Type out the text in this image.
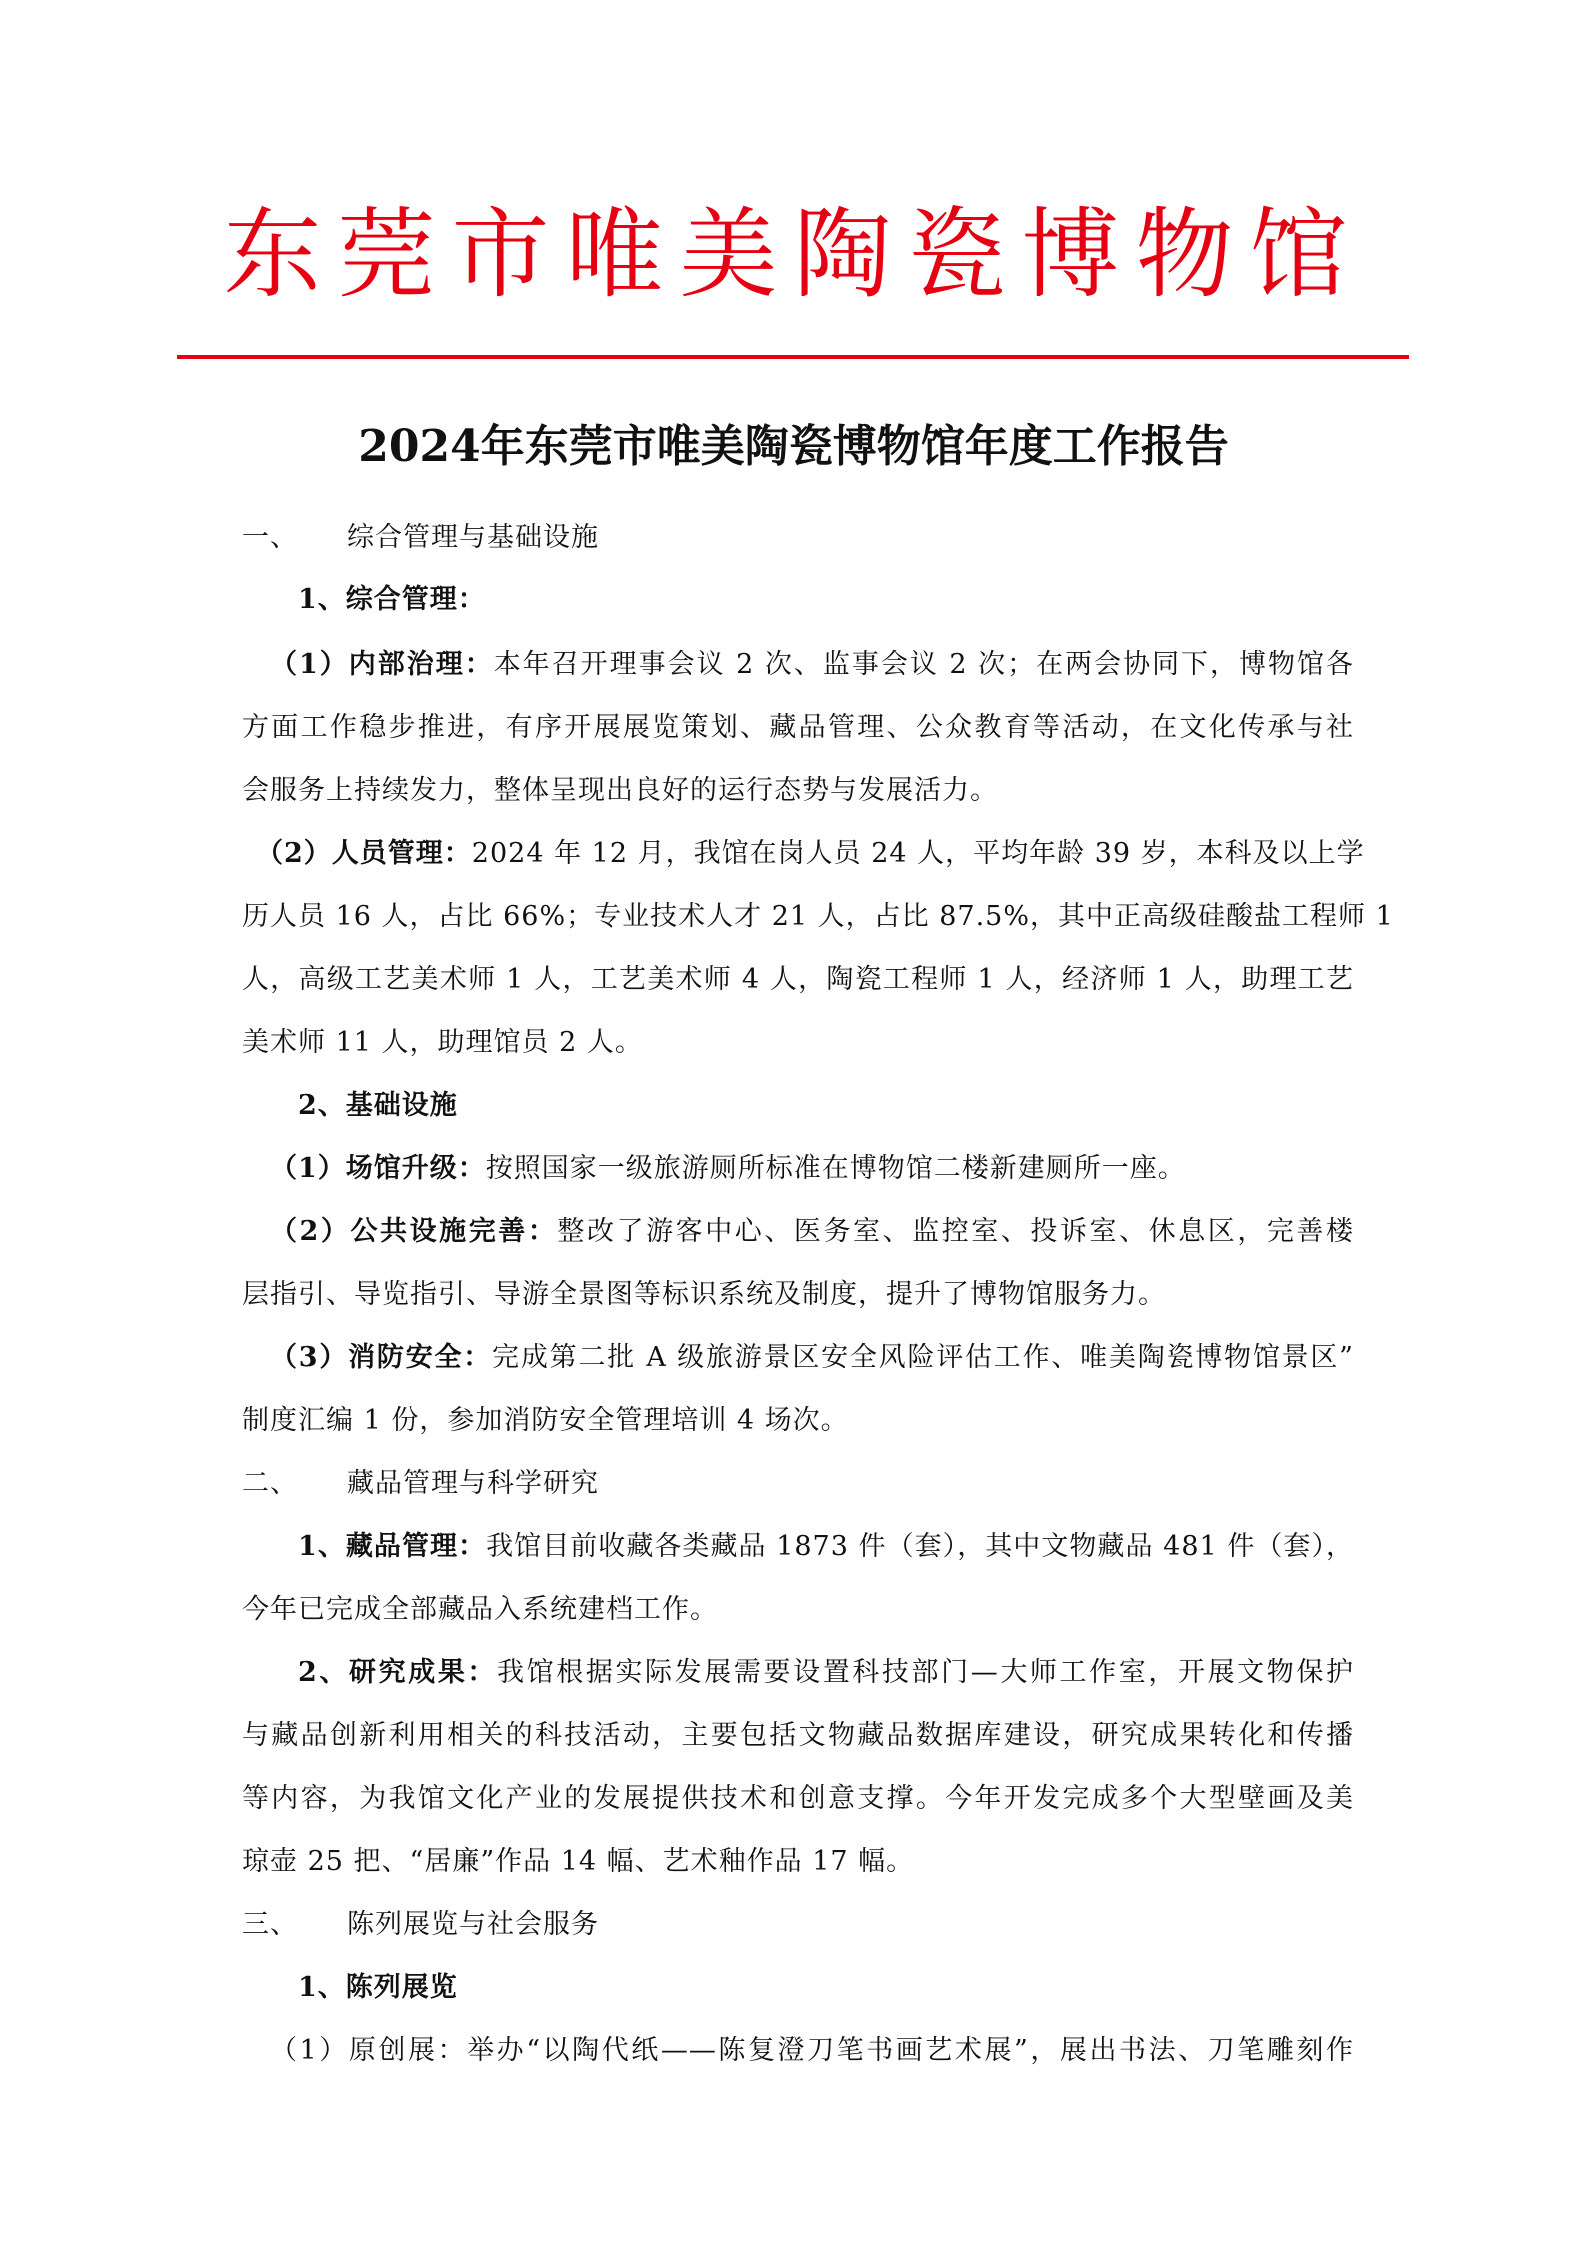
东莞市唯美陶瓷博物馆
2024年东莞市唯美陶瓷博物馆年度工作报告
一、 综合管理与基础设施
1、综合管理：
（1）内部治理：本年召开理事会议 2 次、监事会议 2 次；在两会协同下，博物馆各
方面工作稳步推进，有序开展展览策划、藏品管理、公众教育等活动，在文化传承与社
会服务上持续发力，整体呈现出良好的运行态势与发展活力。
（2）人员管理：2024 年 12 月，我馆在岗人员 24 人，平均年龄 39 岁，本科及以上学
历人员 16 人，占比 66%；专业技术人才 21 人，占比 87.5%，其中正高级硅酸盐工程师 1
人，高级工艺美术师 1 人，工艺美术师 4 人，陶瓷工程师 1 人，经济师 1 人，助理工艺
美术师 11 人，助理馆员 2 人。
2、基础设施
（1）场馆升级：按照国家一级旅游厕所标准在博物馆二楼新建厕所一座。
（2）公共设施完善：整改了游客中心、医务室、监控室、投诉室、休息区，完善楼
层指引、导览指引、导游全景图等标识系统及制度，提升了博物馆服务力。
（3）消防安全：完成第二批 A 级旅游景区安全风险评估工作、唯美陶瓷博物馆景区”
制度汇编 1 份，参加消防安全管理培训 4 场次。
二、 藏品管理与科学研究
1、藏品管理：我馆目前收藏各类藏品 1873 件（套），其中文物藏品 481 件（套），
今年已完成全部藏品入系统建档工作。
2、研究成果：我馆根据实际发展需要设置科技部门—大师工作室，开展文物保护
与藏品创新利用相关的科技活动，主要包括文物藏品数据库建设，研究成果转化和传播
等内容，为我馆文化产业的发展提供技术和创意支撑。今年开发完成多个大型壁画及美
琼壶 25 把、“居廉”作品 14 幅、艺术釉作品 17 幅。
三、 陈列展览与社会服务
1、陈列展览
（1）原创展：举办“以陶代纸——陈复澄刀笔书画艺术展”，展出书法、刀笔雕刻作
